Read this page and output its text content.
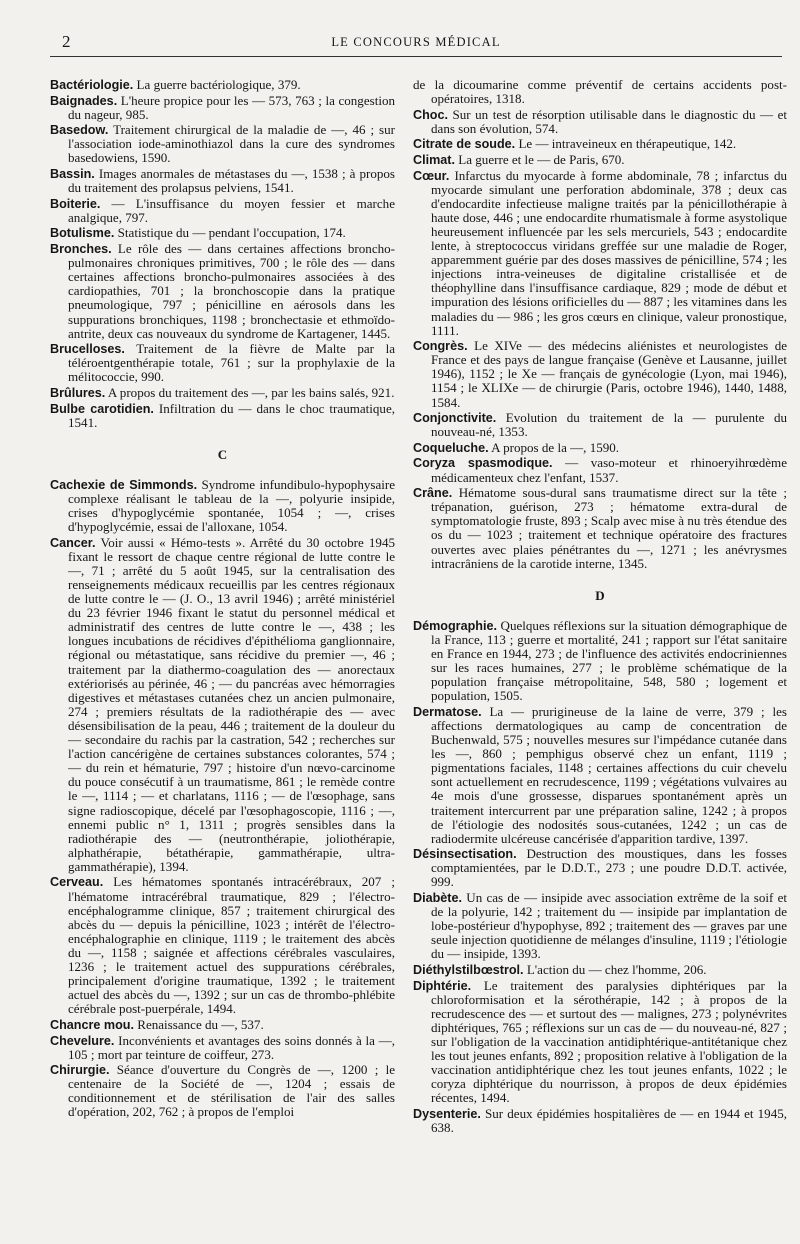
2	LE CONCOURS MÉDICAL

Bactériologie. La guerre bactériologique, 379.

Baignades. L'heure propice pour les — 573, 763 ; la congestion du nageur, 985.

Basedow. Traitement chirurgical de la maladie de —, 46 ; sur l'association iode-aminothiazol dans la cure des syndromes basedowiens, 1590.

Bassin. Images anormales de métastases du —, 1538 ; à propos du traitement des prolapsus pelviens, 1541.

Boiterie. — L'insuffisance du moyen fessier et marche analgique, 797.

Botulisme. Statistique du — pendant l'occupation, 174.

Bronches. Le rôle des — dans certaines affections broncho-pulmonaires chroniques primitives, 700 ; le rôle des — dans certaines affections broncho-pulmonaires associées à des cardiopathies, 701 ; la bronchoscopie dans la pratique pneumologique, 797 ; pénicilline en aérosols dans les suppurations bronchiques, 1198 ; bronchectasie et ethmoïdo-antrite, deux cas nouveaux du syndrome de Kartagener, 1445.

Brucelloses. Traitement de la fièvre de Malte par la téléroentgenthérapie totale, 761 ; sur la prophylaxie de la mélitococcie, 990.

Brûlures. A propos du traitement des —, par les bains salés, 921.

Bulbe carotidien. Infiltration du — dans le choc traumatique, 1541.

C

Cachexie de Simmonds. Syndrome infundibulo-hypophysaire complexe réalisant le tableau de la —, polyurie insipide, crises d'hypoglycémie spontanée, 1054 ; —, crises d'hypoglycémie, essai de l'alloxane, 1054.

Cancer. Voir aussi « Hémo-tests ». Arrêté du 30 octobre 1945 fixant le ressort de chaque centre régional de lutte contre le —, 71 ; arrêté du 5 août 1945, sur la centralisation des renseignements médicaux recueillis par les centres régionaux de lutte contre le — (J. O., 13 avril 1946) ; arrêté ministériel du 23 février 1946 fixant le statut du personnel médical et administratif des centres de lutte contre le —, 438 ; les longues incubations de récidives d'épithélioma ganglionnaire, régional ou métastatique, sans récidive du premier —, 46 ; traitement par la diathermo-coagulation des — anorectaux extériorisés au périnée, 46 ; — du pancréas avec hémorragies digestives et métastases cutanées chez un ancien pulmonaire, 274 ; premiers résultats de la radiothérapie des — avec désensibilisation de la peau, 446 ; traitement de la douleur du — secondaire du rachis par la castration, 542 ; recherches sur l'action cancérigène de certaines substances colorantes, 574 ; — du rein et hématurie, 797 ; histoire d'un nœvo-carcinome du pouce consécutif à un traumatisme, 861 ; le remède contre le —, 1114 ; — et charlatans, 1116 ; — de l'œsophage, sans signe radioscopique, décelé par l'œsophagoscopie, 1116 ; —, ennemi public n° 1, 1311 ; progrès sensibles dans la radiothérapie des — (neutronthérapie, joliothérapie, alphathérapie, bétathérapie, gammathérapie, ultra-gammathérapie), 1394.

Cerveau. Les hématomes spontanés intracérébraux, 207 ; l'hématome intracérébral traumatique, 829 ; l'électro-encéphalogramme clinique, 857 ; traitement chirurgical des abcès du — depuis la pénicilline, 1023 ; intérêt de l'électro-encéphalographie en clinique, 1119 ; le traitement des abcès du —, 1158 ; saignée et affections cérébrales vasculaires, 1236 ; le traitement actuel des suppurations cérébrales, principalement d'origine traumatique, 1392 ; le traitement actuel des abcès du —, 1392 ; sur un cas de thrombo-phlébite cérébrale post-puerpérale, 1494.

Chancre mou. Renaissance du —, 537.

Chevelure. Inconvénients et avantages des soins donnés à la —, 105 ; mort par teinture de coiffeur, 273.

Chirurgie. Séance d'ouverture du Congrès de —, 1200 ; le centenaire de la Société de —, 1204 ; essais de conditionnement et de stérilisation de l'air des salles d'opération, 202, 762 ; à propos de l'emploi

de la dicoumarine comme préventif de certains accidents post-opératoires, 1318.

Choc. Sur un test de résorption utilisable dans le diagnostic du — et dans son évolution, 574.

Citrate de soude. Le — intraveineux en thérapeutique, 142.

Climat. La guerre et le — de Paris, 670.

Cœur. Infarctus du myocarde à forme abdominale, 78 ; infarctus du myocarde simulant une perforation abdominale, 378 ; deux cas d'endocardite infectieuse maligne traités par la pénicillothérapie à haute dose, 446 ; une endocardite rhumatismale à forme asystolique heureusement influencée par les sels mercuriels, 543 ; endocardite lente, à streptococcus viridans greffée sur une maladie de Roger, apparemment guérie par des doses massives de pénicilline, 574 ; les injections intra-veineuses de digitaline cristallisée et de théophylline dans l'insuffisance cardiaque, 829 ; mode de début et impuration des lésions orificielles du — 887 ; les vitamines dans les maladies du — 986 ; les gros cœurs en clinique, valeur pronostique, 1111.

Congrès. Le XIVe — des médecins aliénistes et neurologistes de France et des pays de langue française (Genève et Lausanne, juillet 1946), 1152 ; le Xe — français de gynécologie (Lyon, mai 1946), 1154 ; le XLIXe — de chirurgie (Paris, octobre 1946), 1440, 1488, 1584.

Conjonctivite. Evolution du traitement de la — purulente du nouveau-né, 1353.

Coqueluche. A propos de la —, 1590.

Coryza spasmodique. — vaso-moteur et rhinoeryihrœdème médicamenteux chez l'enfant, 1537.

Crâne. Hématome sous-dural sans traumatisme direct sur la tête ; trépanation, guérison, 273 ; hématome extra-dural de symptomatologie fruste, 893 ; Scalp avec mise à nu très étendue des os du — 1023 ; traitement et technique opératoire des fractures ouvertes avec plaies pénétrantes du —, 1271 ; les anévrysmes intracrâniens de la carotide interne, 1345.

D

Démographie. Quelques réflexions sur la situation démographique de la France, 113 ; guerre et mortalité, 241 ; rapport sur l'état sanitaire en France en 1944, 273 ; de l'influence des activités endocriniennes sur les races humaines, 277 ; le problème schématique de la population française métropolitaine, 548, 580 ; logement et population, 1505.

Dermatose. La — prurigineuse de la laine de verre, 379 ; les affections dermatologiques au camp de concentration de Buchenwald, 575 ; nouvelles mesures sur l'impédance cutanée dans les —, 860 ; pemphigus observé chez un enfant, 1119 ; pigmentations faciales, 1148 ; certaines affections du cuir chevelu sont actuellement en recrudescence, 1199 ; végétations vulvaires au 4e mois d'une grossesse, disparues spontanément après un traitement intercurrent par une préparation saline, 1242 ; à propos de l'étiologie des nodosités sous-cutanées, 1242 ; un cas de radiodermite ulcéreuse cancérisée d'apparition tardive, 1397.

Désinsectisation. Destruction des moustiques, dans les fosses comptamientées, par le D.D.T., 273 ; une poudre D.D.T. activée, 999.

Diabète. Un cas de — insipide avec association extrême de la soif et de la polyurie, 142 ; traitement du — insipide par implantation de lobe-postérieur d'hypophyse, 892 ; traitement des — graves par une seule injection quotidienne de mélanges d'insuline, 1119 ; l'étiologie du — insipide, 1393.

Diéthylstilbœstrol. L'action du — chez l'homme, 206.

Diphtérie. Le traitement des paralysies diphtériques par la chloroformisation et la sérothérapie, 142 ; à propos de la recrudescence des — et surtout des — malignes, 273 ; polynévrites diphtériques, 765 ; réflexions sur un cas de — du nouveau-né, 827 ; sur l'obligation de la vaccination antidiphtérique-antitétanique chez les tout jeunes enfants, 892 ; proposition relative à l'obligation de la vaccination antidiphtérique chez les tout jeunes enfants, 1022 ; le coryza diphtérique du nourrisson, à propos de deux épidémies récentes, 1494.

Dysenterie. Sur deux épidémies hospitalières de — en 1944 et 1945, 638.
